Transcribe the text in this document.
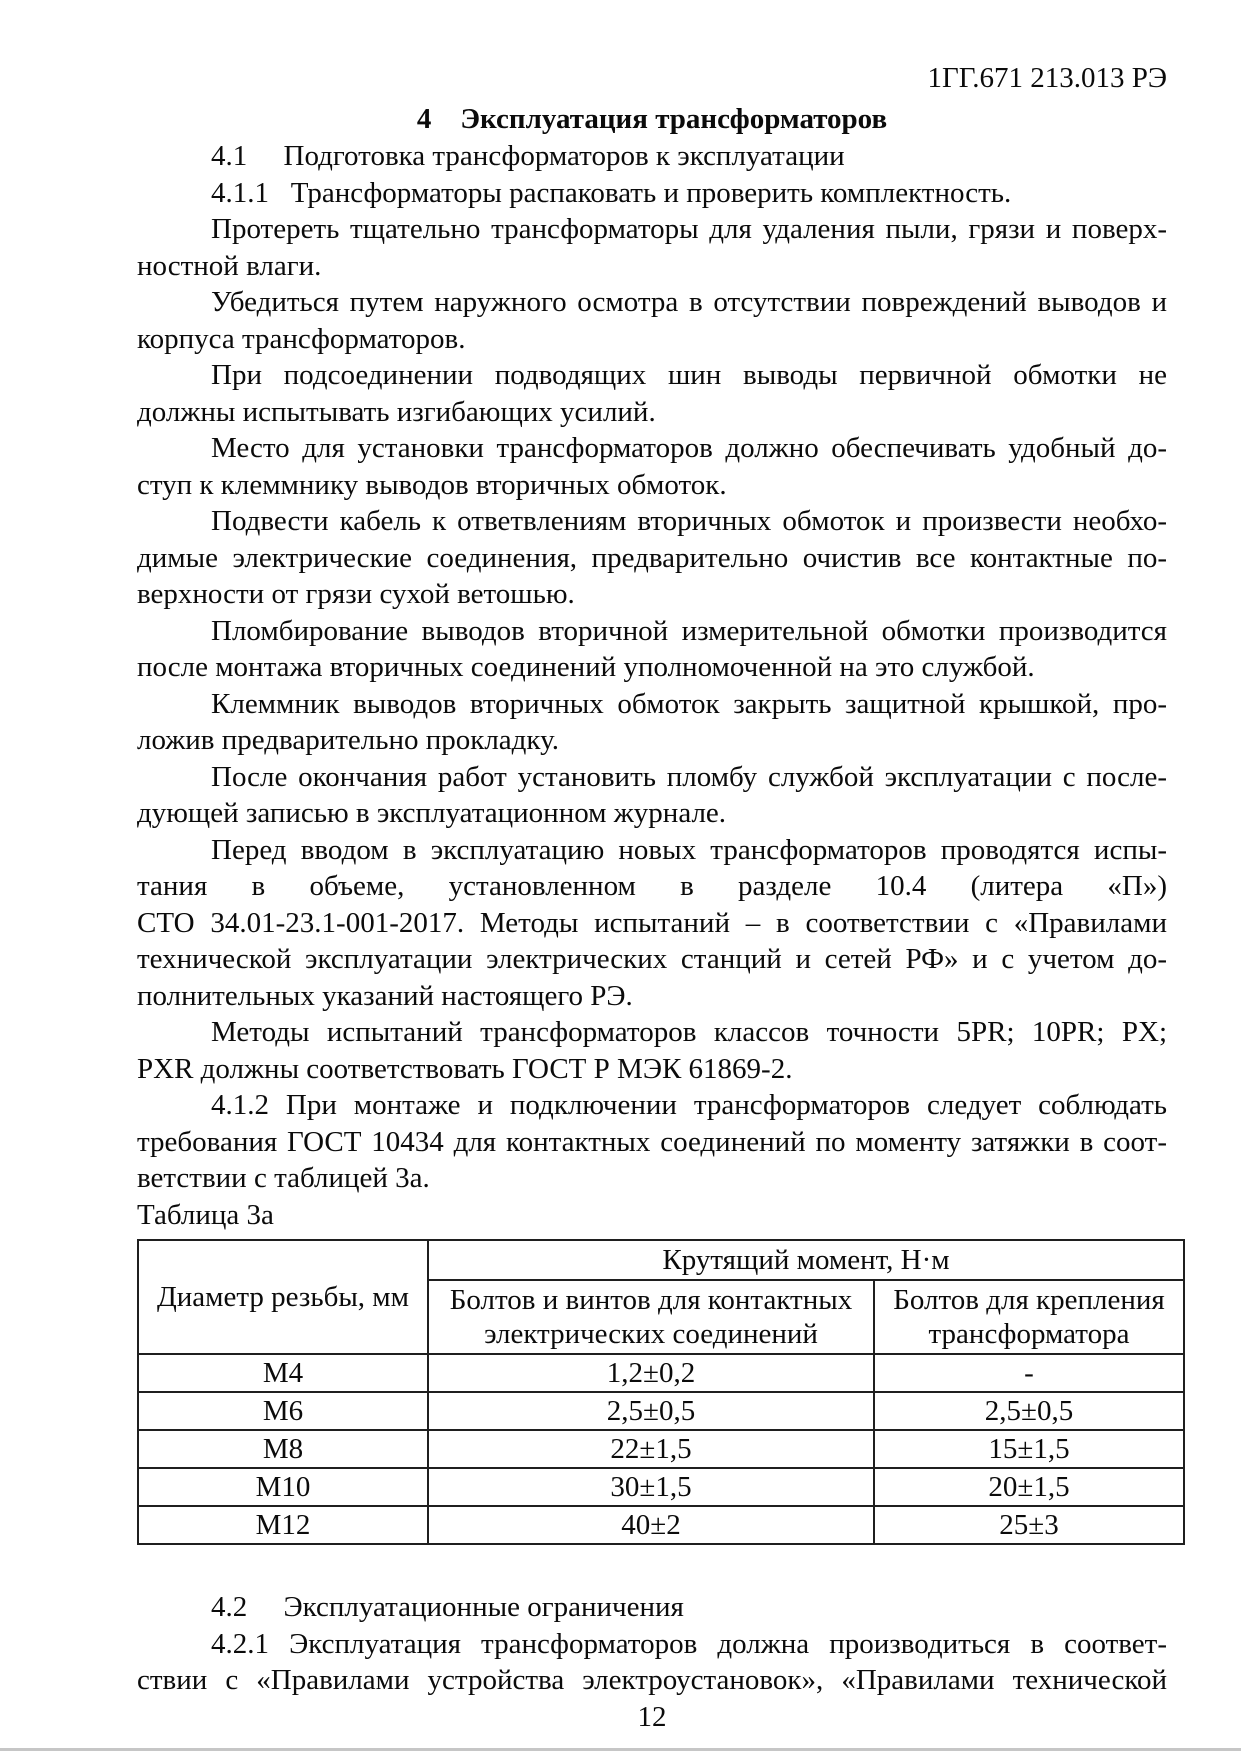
1ГГ.671 213.013 РЭ
4 Эксплуатация трансформаторов
4.1  Подготовка трансформаторов к эксплуатации
4.1.1  Трансформаторы распаковать и проверить комплектность.
Протереть тщательно трансформаторы для удаления пыли, грязи и поверх-
ностной влаги.
Убедиться путем наружного осмотра в отсутствии повреждений выводов и
корпуса трансформаторов.
При подсоединении подводящих шин выводы первичной обмотки не
должны испытывать изгибающих усилий.
Место для установки трансформаторов должно обеспечивать удобный до-
ступ к клеммнику выводов вторичных обмоток.
Подвести кабель к ответвлениям вторичных обмоток и произвести необхо-
димые электрические соединения, предварительно очистив все контактные по-
верхности от грязи сухой ветошью.
Пломбирование выводов вторичной измерительной обмотки производится
после монтажа вторичных соединений уполномоченной на это службой.
Клеммник выводов вторичных обмоток закрыть защитной крышкой, про-
ложив предварительно прокладку.
После окончания работ установить пломбу службой эксплуатации с после-
дующей записью в эксплуатационном журнале.
Перед вводом в эксплуатацию новых трансформаторов проводятся испы-
тания в объеме, установленном в разделе 10.4 (литера «П»)
СТО 34.01-23.1-001-2017. Методы испытаний – в соответствии с «Правилами
технической эксплуатации электрических станций и сетей РФ» и с учетом до-
полнительных указаний настоящего РЭ.
Методы испытаний трансформаторов классов точности 5PR; 10PR; PX;
PXR должны соответствовать ГОСТ Р МЭК 61869-2.
4.1.2 При монтаже и подключении трансформаторов следует соблюдать
требования ГОСТ 10434 для контактных соединений по моменту затяжки в соот-
ветствии с таблицей 3а.
Таблица 3а
Диаметр резьбы, мм	Крутящий момент, Н·м	
	Болтов и винтов для контактных электрических соединений	Болтов для крепления трансформатора
М4	1,2±0,2	-
М6	2,5±0,5	2,5±0,5
М8	22±1,5	15±1,5
М10	30±1,5	20±1,5
М12	40±2	25±3
4.2  Эксплуатационные ограничения
4.2.1 Эксплуатация трансформаторов должна производиться в соответ-
ствии с «Правилами устройства электроустановок», «Правилами технической
12
